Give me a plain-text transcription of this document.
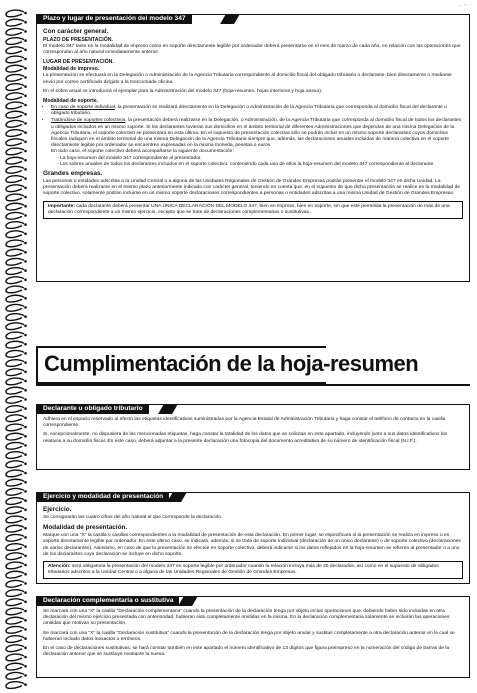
.. -. ·
Plazo y lugar de presentación del modelo 347
Con carácter general.
PLAZO DE PRESENTACIÓN.

El modelo 347 tanto en la modalidad de impreso como en soporte directamente legible por ordenador deberá presentarse en el mes de marzo de cada año, en relación con las operaciones que correspondan al año natural inmediatamente anterior.

LUGAR DE PRESENTACIÓN.
Modalidad de impreso.

La presentación se efectuará en la Delegación o Administración de la Agencia Tributaria correspondiente al domicilio fiscal del obligado tributario o declarante, bien directamente o mediante envío por correo certificado dirigido a la mencionada oficina.

En el sobre anual se introducirá el ejemplar para la Administración del modelo 347 (hoja-resumen, hojas interiores y hoja anexo).

Modalidad de soporte.
• En caso de soporte individual, la presentación se realizará directamente en la Delegación o Administración de la Agencia Tributaria que corresponda al domicilio fiscal del declarante u obligado tributario.
• Tratándose de soportes colectivos, la presentación deberá realizarse en la Delegación, o Administración, de la Agencia Tributaria que corresponda al domicilio fiscal de todos los declarantes u obligados incluidos en un mismo soporte. Si los declarantes tuvieran sus domicilios en el ámbito territorial de diferentes Administraciones que dependan de una misma Delegación de la Agencia Tributaria, el soporte colectivo se presentará en esta última. En el supuesto de presentación colectiva sólo se podrán incluir en un mismo soporte declarantes cuyos domicilios fiscales radiquen en el ámbito territorial de una misma Delegación de la Agencia Tributaria siempre que, además, las declaraciones anuales incluidas de manera colectiva en el soporte directamente legible por ordenador se encuentren expresadas en la misma moneda, pesetas o euros.
En todo caso, el soporte colectivo deberá acompañarse la siguiente documentación:
- La hoja-resumen del modelo 347 correspondiente al presentador.
- Los sobres anuales de todos los declarantes incluidos en el soporte colectivo, conteniendo cada uno de ellos la hoja-resumen del modelo 347 correspondiente al declarante.
Grandes empresas.

Las personas o entidades adscritas a la Unidad Central o a alguna de las Unidades Regionales de Gestión de Grandes Empresas podrán presentar el modelo 347 en dicha Unidad. La presentación deberá realizarse en el mismo plazo anteriormente indicado con carácter general, teniendo en cuenta que, en el supuesto de que dicha presentación se realice en la modalidad de soporte colectivo, solamente podrán incluirse en un mismo soporte declaraciones correspondientes a personas o entidades adscritas a una misma Unidad de Gestión de Grandes Empresas.

Importante: cada declarante deberá presentar UNA ÚNICA DECLARACIÓN DEL MODELO 347, bien en impreso, bien en soporte, sin que esté permitida la presentación de más de una declaración correspondiente a un mismo ejercicio, excepto que se trate de declaraciones complementarias o sustitutivas.

Cumplimentación de la hoja-resumen
Declarante u obligado tributario

Adhiera en el espacio reservado al efecto las etiquetas identificativas suministradas por la Agencia Estatal de Administración Tributaria y haga constar el teléfono de contacto en la casilla correspondiente.

Si, excepcionalmente, no dispusiera de las mencionadas etiquetas, haga constar la totalidad de los datos que se solicitan en este apartado, incluyendo junto a sus datos identificativos los relativos a su domicilio fiscal. En este caso, deberá adjuntar a la presente declaración una fotocopia del documento acreditativo de su número de identificación fiscal (N.I.F.).

Ejercicio y modalidad de presentación
Ejercicio.

Se consignarán las cuatro cifras del año natural al que corresponde la declaración.

Modalidad de presentación.

Marque con una "X" la casilla o casillas correspondientes a la modalidad de presentación de esta declaración. En primer lugar, se especificará si la presentación se realiza en impreso o en soporte directamente legible por ordenador. En este último caso, se indicará, además, si se trata de soporte individual (declaración de un único declarante) o de soporte colectivo (declaraciones de varios declarantes). Asimismo, en caso de que la presentación se efectúe en soporte colectivo, deberá indicarse si los datos reflejados en la hoja-resumen se refieren al presentador o a uno de los declarantes cuya declaración se incluye en dicho soporte.

Atención: será obligatoria la presentación del modelo 347 en soporte legible por ordenador cuando la relación incluya más de 25 declarados, así como en el supuesto de obligados tributarios adscritos a la Unidad Central o a alguna de las Unidades Regionales de Gestión de Grandes Empresas.

Declaración complementaria o sustitutiva

Se marcará con una "X" la casilla "Declaración complementaria" cuando la presentación de la declaración tenga por objeto incluir operaciones que, debiendo haber sido incluidas en otra declaración del mismo ejercicio presentada con anterioridad, hubieran sido completamente omitidas en la misma. En la declaración complementaria solamente se incluirán las operaciones omitidas que motivan su presentación.

Se marcará con una "X" la casilla "Declaración sustitutiva" cuando la presentación de la declaración tenga por objeto anular y sustituir completamente a otra declaración anterior en la cual se hubieran incluido datos inexactos o erróneos.

En el caso de declaraciones sustitutivas, se hará constar también en este apartado el número identificativo de 13 dígitos que figura preimpreso en la numeración del código de barras de la declaración anterior que se sustituye mediante la nueva.
